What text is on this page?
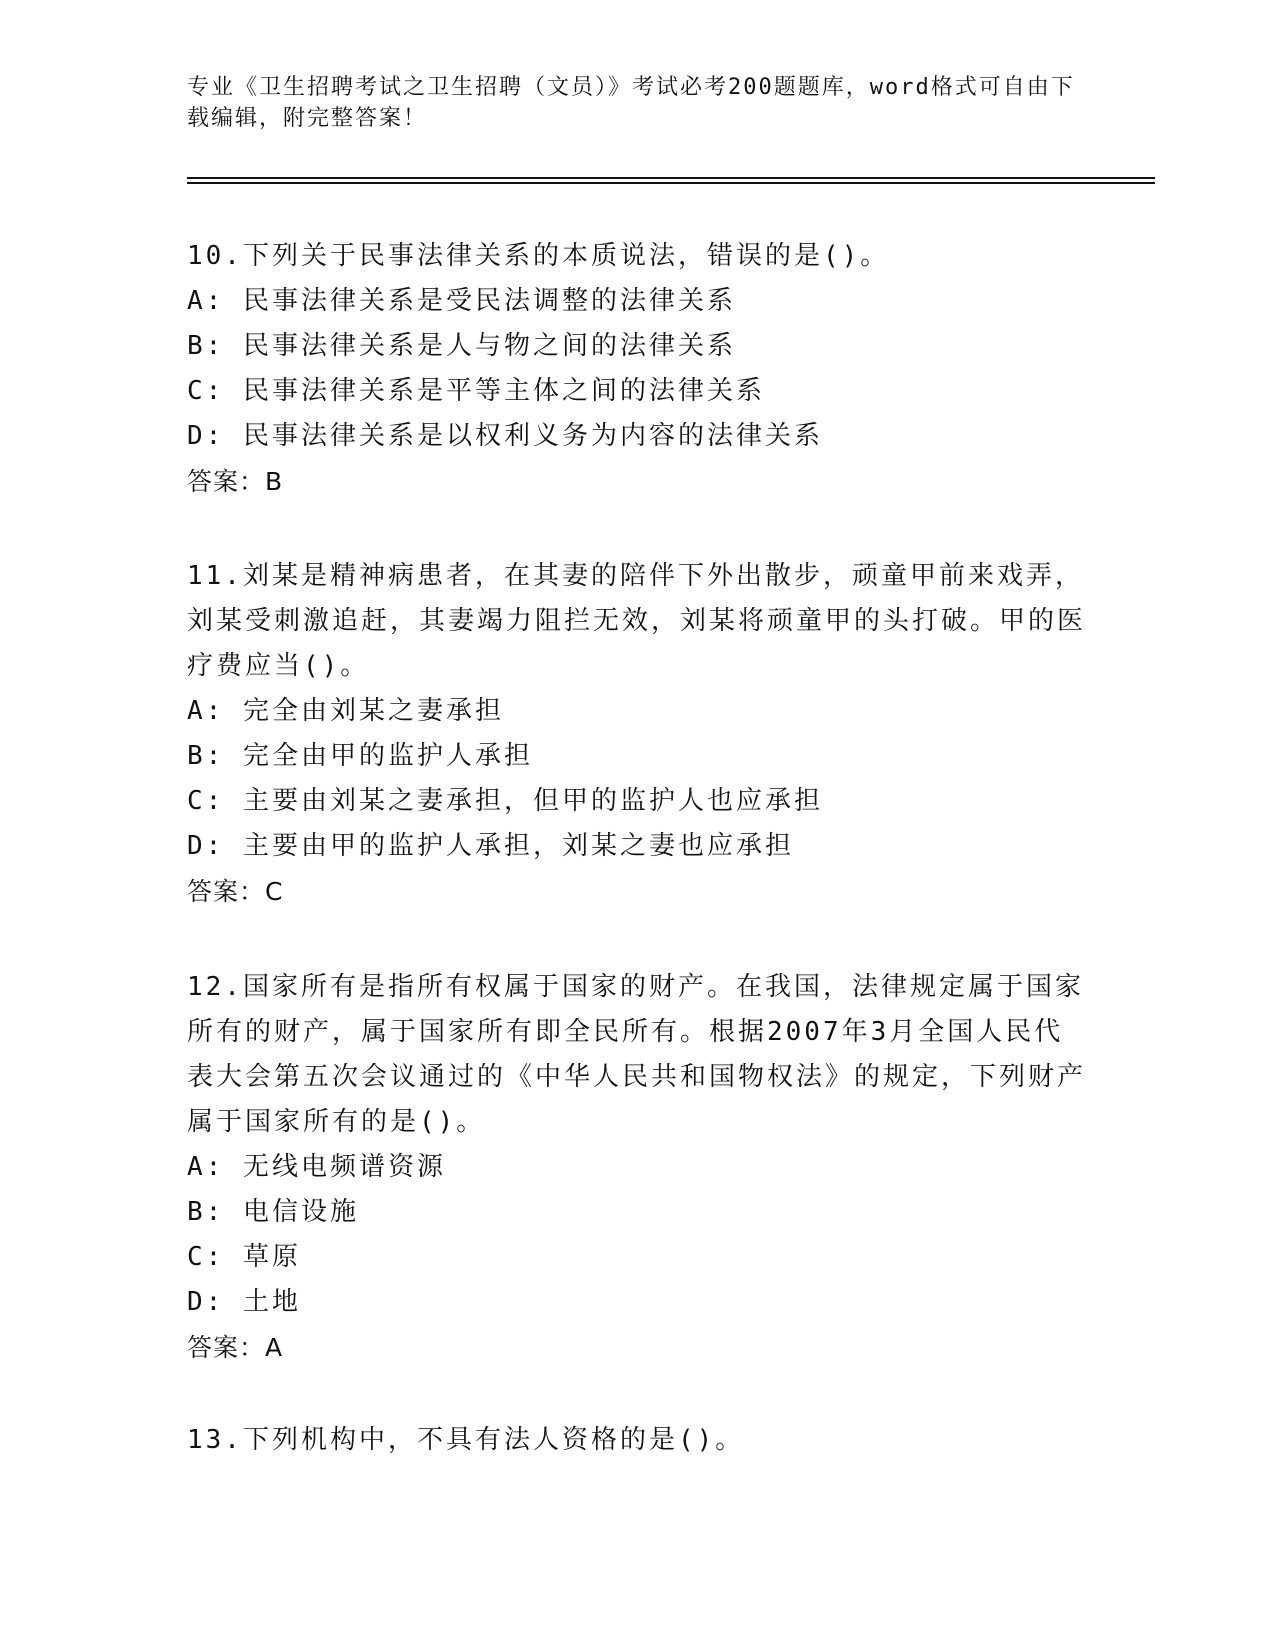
专业《卫生招聘考试之卫生招聘（文员）》考试必考200题题库，word格式可自由下载编辑，附完整答案！
10.下列关于民事法律关系的本质说法，错误的是()。
A: 民事法律关系是受民法调整的法律关系
B: 民事法律关系是人与物之间的法律关系
C: 民事法律关系是平等主体之间的法律关系
D: 民事法律关系是以权利义务为内容的法律关系
答案：B
11.刘某是精神病患者，在其妻的陪伴下外出散步，顽童甲前来戏弄，刘某受刺激追赶，其妻竭力阻拦无效，刘某将顽童甲的头打破。甲的医疗费应当()。
A: 完全由刘某之妻承担
B: 完全由甲的监护人承担
C: 主要由刘某之妻承担，但甲的监护人也应承担
D: 主要由甲的监护人承担，刘某之妻也应承担
答案：C
12.国家所有是指所有权属于国家的财产。在我国，法律规定属于国家所有的财产，属于国家所有即全民所有。根据2007年3月全国人民代表大会第五次会议通过的《中华人民共和国物权法》的规定，下列财产属于国家所有的是()。
A: 无线电频谱资源
B: 电信设施
C: 草原
D: 土地
答案：A
13.下列机构中，不具有法人资格的是()。
